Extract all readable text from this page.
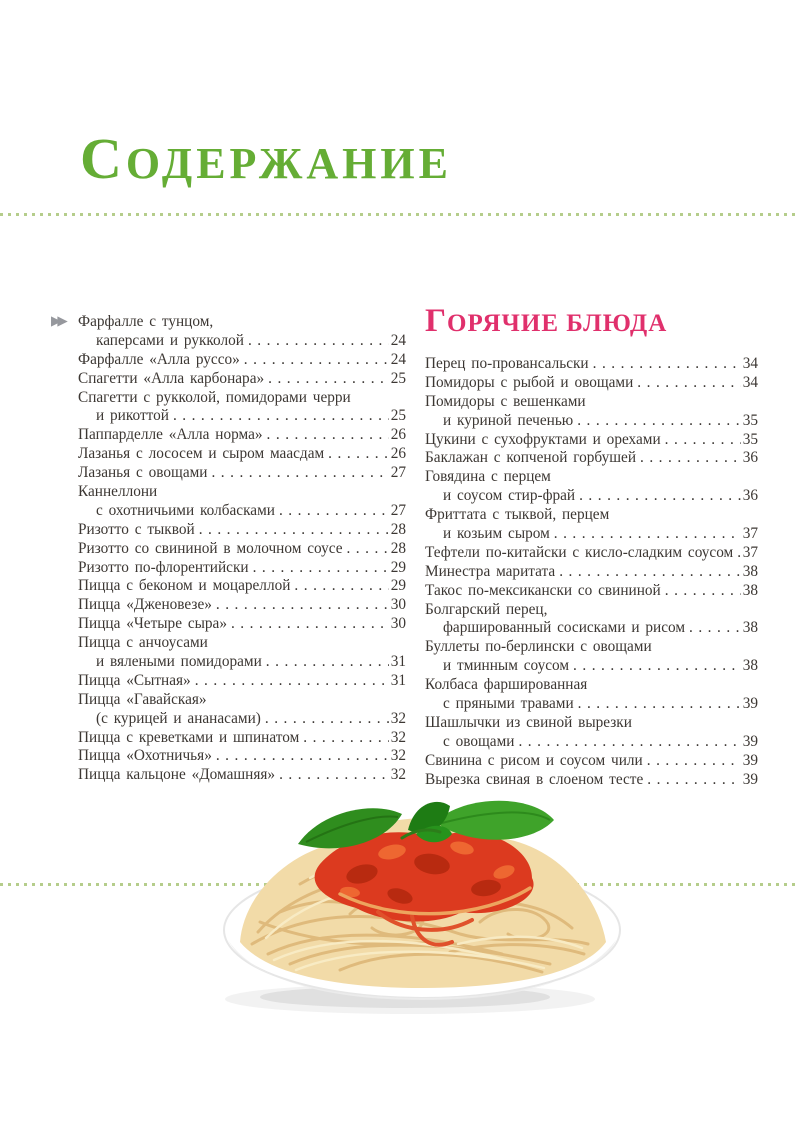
СОДЕРЖАНИЕ
▶▶ Фарфалле с тунцом,
каперсами и рукколой .....	24
Фарфалле «Алла руссо» .....	24
Спагетти «Алла карбонара» .....	25
Спагетти с рукколой, помидорами черри
и рикоттой .....	25
Паппарделле «Алла норма» .....	26
Лазанья с лососем и сыром маасдам .....	26
Лазанья с овощами .....	27
Каннеллони
с охотничьими колбасками .....	27
Ризотто с тыквой .....	28
Ризотто со свининой в молочном соусе .....	28
Ризотто по-флорентийски .....	29
Пицца с беконом и моцареллой .....	29
Пицца «Дженовезе» .....	30
Пицца «Четыре сыра» .....	30
Пицца с анчоусами
и вялеными помидорами .....	31
Пицца «Сытная» .....	31
Пицца «Гавайская»
(с курицей и ананасами) .....	32
Пицца с креветками и шпинатом .....	32
Пицца «Охотничья» .....	32
Пицца кальцоне «Домашняя» .....	32
ГОРЯЧИЕ БЛЮДА
Перец по-провансальски .....	34
Помидоры с рыбой и овощами .....	34
Помидоры с вешенками
и куриной печенью .....	35
Цукини с сухофруктами и орехами .....	35
Баклажан с копченой горбушей .....	36
Говядина с перцем
и соусом стир-фрай .....	36
Фриттата с тыквой, перцем
и козьим сыром .....	37
Тефтели по-китайски с кисло-сладким соусом ..... 37
Минестра маритата .....	38
Такос по-мексикански со свининой .....	38
Болгарский перец,
фаршированный сосисками и рисом .....	38
Буллеты по-берлински с овощами
и тминным соусом .....	38
Колбаса фаршированная
с пряными травами .....	39
Шашлычки из свиной вырезки
с овощами .....	39
Свинина с рисом и соусом чили .....	39
Вырезка свиная в слоеном тесте .....	39
